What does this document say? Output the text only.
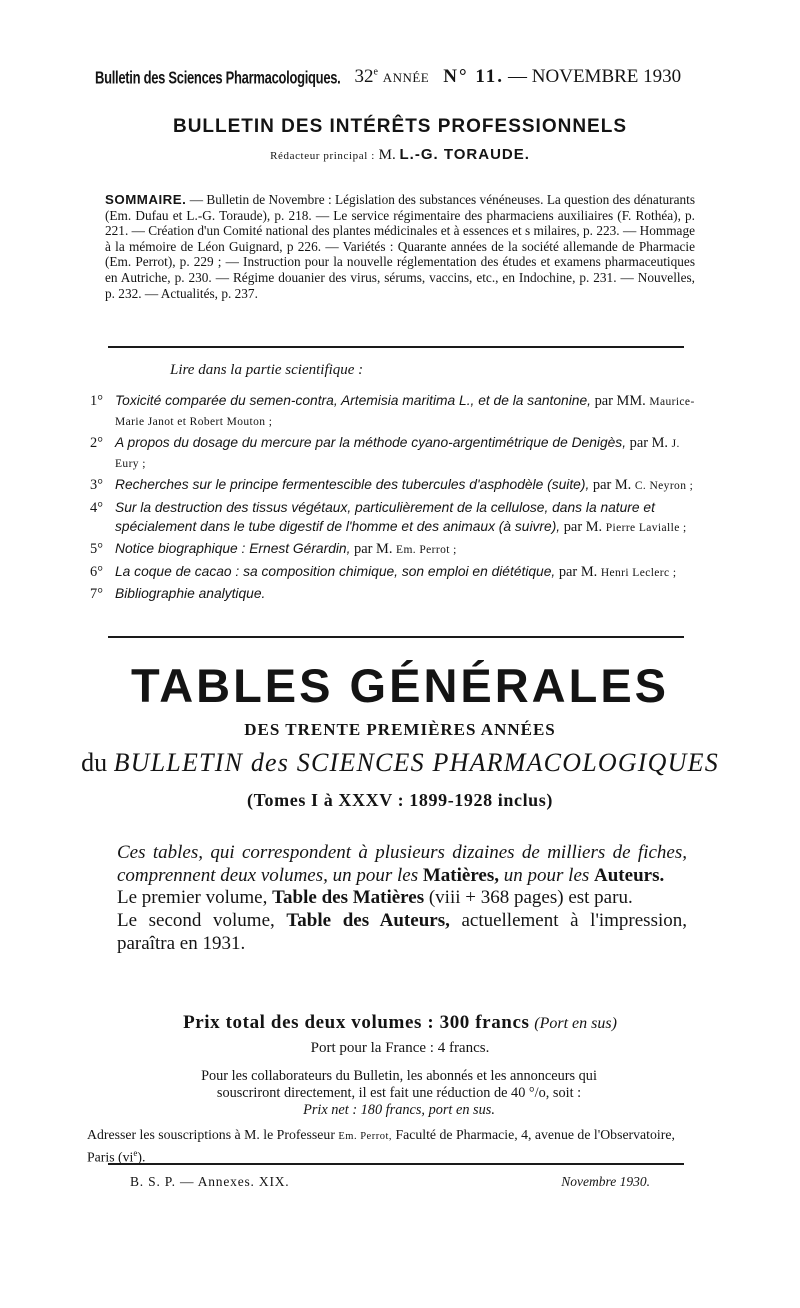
Bulletin des Sciences Pharmacologiques. 32e ANNÉE N° 11. — NOVEMBRE 1930
BULLETIN DES INTÉRÊTS PROFESSIONNELS
Rédacteur principal : M. L.-G. TORAUDE.
SOMMAIRE. — Bulletin de Novembre : Législation des substances vénéneuses. La question des dénaturants (Em. Dufau et L.-G. Toraude), p. 218. — Le service régimentaire des pharmaciens auxiliaires (F. Rothéa), p. 221. — Création d'un Comité national des plantes médicinales et à essences et s milaires, p. 223. — Hommage à la mémoire de Léon Guignard, p 226. — Variétés : Quarante années de la société allemande de Pharmacie (Em. Perrot), p. 229 ; — Instruction pour la nouvelle réglementation des études et examens pharmaceutiques en Autriche, p. 230. — Régime douanier des virus, sérums, vaccins, etc., en Indochine, p. 231. — Nouvelles, p. 232. — Actualités, p. 237.
Lire dans la partie scientifique :
1° Toxicité comparée du semen-contra, Artemisia maritima L., et de la santonine, par MM. Maurice-Marie Janot et Robert Mouton ;
2° A propos du dosage du mercure par la méthode cyano-argentimétrique de Denigès, par M. J. Eury ;
3° Recherches sur le principe fermentescible des tubercules d'asphodèle (suite), par M. C. Neyron ;
4° Sur la destruction des tissus végétaux, particulièrement de la cellulose, dans la nature et spécialement dans le tube digestif de l'homme et des animaux (à suivre), par M. Pierre Lavialle ;
5° Notice biographique : Ernest Gérardin, par M. Em. Perrot ;
6° La coque de cacao : sa composition chimique, son emploi en diététique, par M. Henri Leclerc ;
7° Bibliographie analytique.
TABLES GÉNÉRALES
DES TRENTE PREMIÈRES ANNÉES
du BULLETIN des SCIENCES PHARMACOLOGIQUES
(Tomes I à XXXV : 1899-1928 inclus)

Ces tables, qui correspondent à plusieurs dizaines de milliers de fiches, comprennent deux volumes, un pour les Matières, un pour les Auteurs.

Le premier volume, Table des Matières (viii + 368 pages) est paru.

Le second volume, Table des Auteurs, actuellement à l'impression, paraîtra en 1931.

Prix total des deux volumes : 300 francs (Port en sus)
Port pour la France : 4 francs.

Pour les collaborateurs du Bulletin, les abonnés et les annonceurs qui

souscriront directement, il est fait une réduction de 40 °/o, soit :

Prix net : 180 francs, port en sus.

Adresser les souscriptions à M. le Professeur Em. Perrot, Faculté de Pharmacie, 4, avenue de l'Observatoire, Paris $(vi^e)$.
B. S. P. — Annexes. XIX.	Novembre 1930.
